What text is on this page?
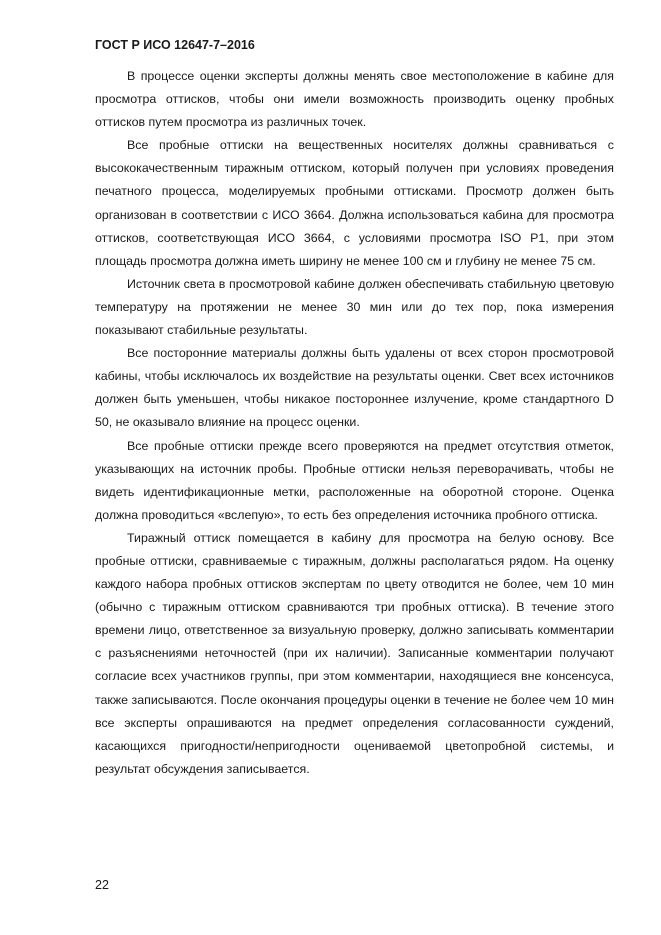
ГОСТ Р ИСО 12647-7–2016

В процессе оценки эксперты должны менять свое местоположение в кабине для просмотра оттисков, чтобы они имели возможность производить оценку пробных оттисков путем просмотра из различных точек.

Все пробные оттиски на вещественных носителях должны сравниваться с высококачественным тиражным оттиском, который получен при условиях проведения печатного процесса, моделируемых пробными оттисками. Просмотр должен быть организован в соответствии с ИСО 3664. Должна использоваться кабина для просмотра оттисков, соответствующая ИСО 3664, с условиями просмотра ISO P1, при этом площадь просмотра должна иметь ширину не менее 100 см и глубину не менее 75 см.

Источник света в просмотровой кабине должен обеспечивать стабильную цветовую температуру на протяжении не менее 30 мин или до тех пор, пока измерения показывают стабильные результаты.

Все посторонние материалы должны быть удалены от всех сторон просмотровой кабины, чтобы исключалось их воздействие на результаты оценки. Свет всех источников должен быть уменьшен, чтобы никакое постороннее излучение, кроме стандартного D 50, не оказывало влияние на процесс оценки.

Все пробные оттиски прежде всего проверяются на предмет отсутствия отметок, указывающих на источник пробы. Пробные оттиски нельзя переворачивать, чтобы не видеть идентификационные метки, расположенные на оборотной стороне. Оценка должна проводиться «вслепую», то есть без определения источника пробного оттиска.

Тиражный оттиск помещается в кабину для просмотра на белую основу. Все пробные оттиски, сравниваемые с тиражным, должны располагаться рядом. На оценку каждого набора пробных оттисков экспертам по цвету отводится не более, чем 10 мин (обычно с тиражным оттиском сравниваются три пробных оттиска). В течение этого времени лицо, ответственное за визуальную проверку, должно записывать комментарии с разъяснениями неточностей (при их наличии). Записанные комментарии получают согласие всех участников группы, при этом комментарии, находящиеся вне консенсуса, также записываются. После окончания процедуры оценки в течение не более чем 10 мин все эксперты опрашиваются на предмет определения согласованности суждений, касающихся пригодности/непригодности оцениваемой цветопробной системы, и результат обсуждения записывается.

22
